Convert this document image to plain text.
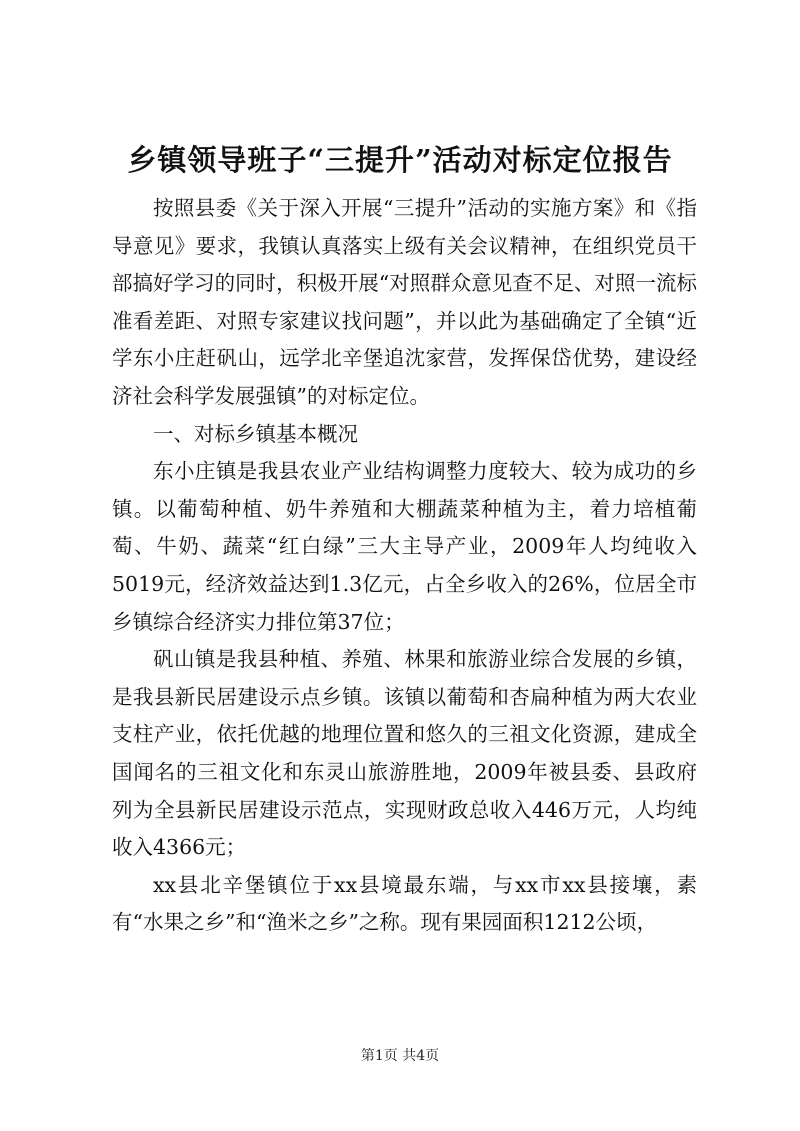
乡镇领导班子“三提升”活动对标定位报告

按照县委《关于深入开展“三提升”活动的实施方案》和《指导意见》要求，我镇认真落实上级有关会议精神，在组织党员干部搞好学习的同时，积极开展“对照群众意见查不足、对照一流标准看差距、对照专家建议找问题”，并以此为基础确定了全镇“近学东小庄赶矾山，远学北辛堡追沈家营，发挥保岱优势，建设经济社会科学发展强镇”的对标定位。

一、对标乡镇基本概况

东小庄镇是我县农业产业结构调整力度较大、较为成功的乡镇。以葡萄种植、奶牛养殖和大棚蔬菜种植为主，着力培植葡萄、牛奶、蔬菜“红白绿”三大主导产业，2009年人均纯收入5019元，经济效益达到1.3亿元，占全乡收入的26%，位居全市乡镇综合经济实力排位第37位；

矾山镇是我县种植、养殖、林果和旅游业综合发展的乡镇，是我县新民居建设示点乡镇。该镇以葡萄和杏扁种植为两大农业支柱产业，依托优越的地理位置和悠久的三祖文化资源，建成全国闻名的三祖文化和东灵山旅游胜地，2009年被县委、县政府列为全县新民居建设示范点，实现财政总收入446万元，人均纯收入4366元；

xx县北辛堡镇位于xx县境最东端，与xx市xx县接壤，素有“水果之乡”和“渔米之乡”之称。现有果园面积1212公顷，

第1页 共4页
